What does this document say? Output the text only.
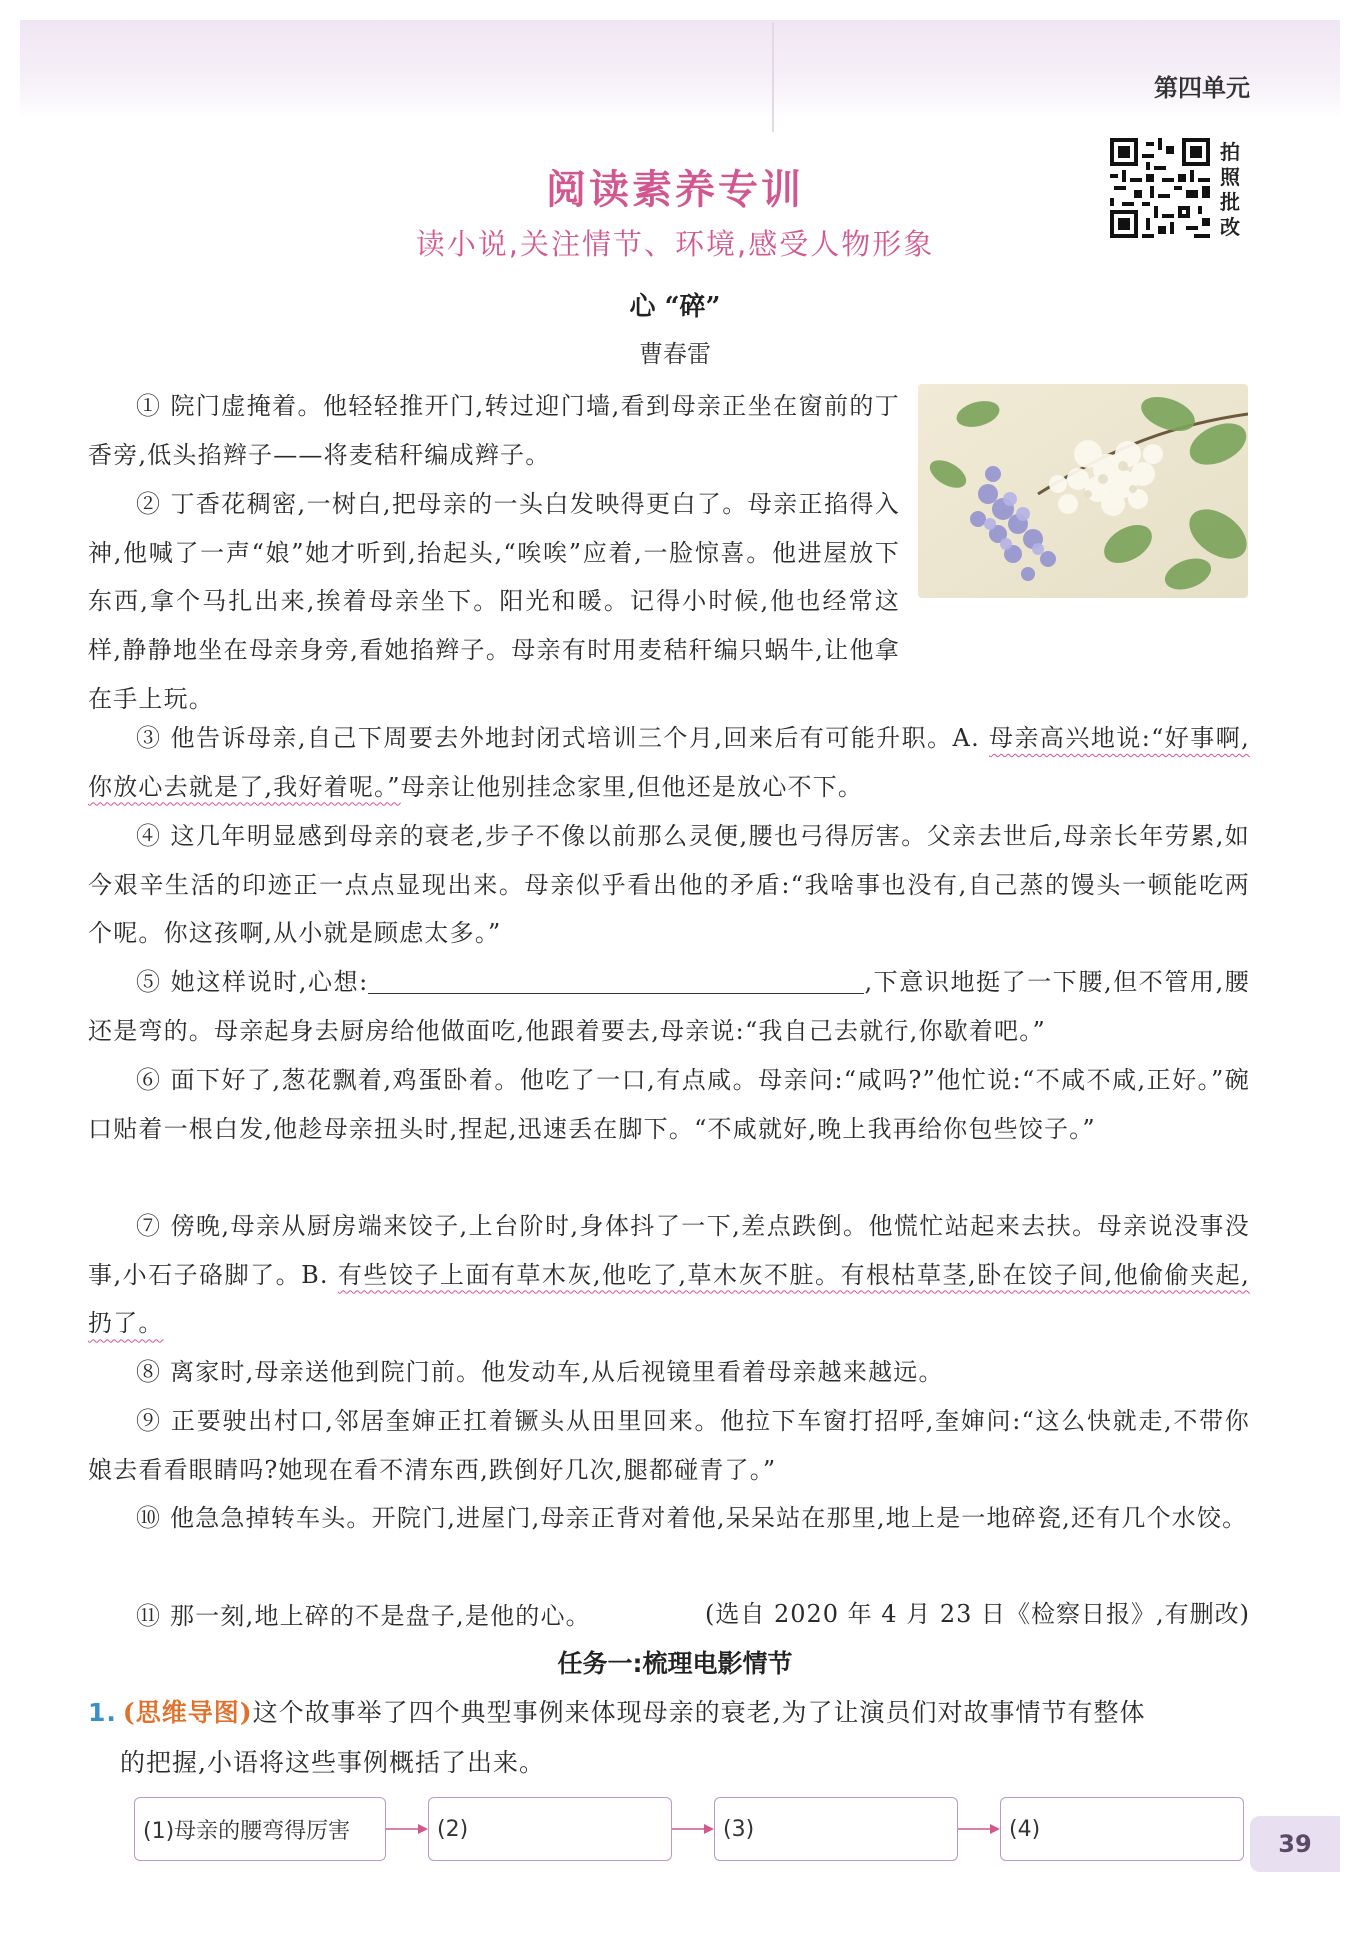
第四单元
拍照批改
阅读素养专训
读小说,关注情节、环境,感受人物形象
心 “碎”
曹春雷

① 院门虚掩着。他轻轻推开门,转过迎门墙,看到母亲正坐在窗前的丁香旁,低头掐辫子——将麦秸秆编成辫子。

② 丁香花稠密,一树白,把母亲的一头白发映得更白了。母亲正掐得入神,他喊了一声“娘”她才听到,抬起头,“唉唉”应着,一脸惊喜。他进屋放下东西,拿个马扎出来,挨着母亲坐下。阳光和暖。记得小时候,他也经常这样,静静地坐在母亲身旁,看她掐辫子。母亲有时用麦秸秆编只蜗牛,让他拿在手上玩。

③ 他告诉母亲,自己下周要去外地封闭式培训三个月,回来后有可能升职。A. 母亲高兴地说:“好事啊,你放心去就是了,我好着呢。”母亲让他别挂念家里,但他还是放心不下。

④ 这几年明显感到母亲的衰老,步子不像以前那么灵便,腰也弓得厉害。父亲去世后,母亲长年劳累,如今艰辛生活的印迹正一点点显现出来。母亲似乎看出他的矛盾:“我啥事也没有,自己蒸的馒头一顿能吃两个呢。你这孩啊,从小就是顾虑太多。”

⑤ 她这样说时,心想:	,下意识地挺了一下腰,但不管用,腰还是弯的。母亲起身去厨房给他做面吃,他跟着要去,母亲说:“我自己去就行,你歇着吧。”

⑥ 面下好了,葱花飘着,鸡蛋卧着。他吃了一口,有点咸。母亲问:“咸吗?”他忙说:“不咸不咸,正好。”碗口贴着一根白发,他趁母亲扭头时,捏起,迅速丢在脚下。“不咸就好,晚上我再给你包些饺子。”

⑦ 傍晚,母亲从厨房端来饺子,上台阶时,身体抖了一下,差点跌倒。他慌忙站起来去扶。母亲说没事没事,小石子硌脚了。B. 有些饺子上面有草木灰,他吃了,草木灰不脏。有根枯草茎,卧在饺子间,他偷偷夹起,扔了。

⑧ 离家时,母亲送他到院门前。他发动车,从后视镜里看着母亲越来越远。

⑨ 正要驶出村口,邻居奎婶正扛着镢头从田里回来。他拉下车窗打招呼,奎婶问:“这么快就走,不带你娘去看看眼睛吗?她现在看不清东西,跌倒好几次,腿都碰青了。”

⑩ 他急急掉转车头。开院门,进屋门,母亲正背对着他,呆呆站在那里,地上是一地碎瓷,还有几个水饺。

⑪ 那一刻,地上碎的不是盘子,是他的心。	(选自 2020 年 4 月 23 日《检察日报》,有删改)
任务一:梳理电影情节
1. (思维导图)这个故事举了四个典型事例来体现母亲的衰老,为了让演员们对故事情节有整体
的把握,小语将这些事例概括了出来。
(1)母亲的腰弯得厉害	(2)	(3)	(4)
39
